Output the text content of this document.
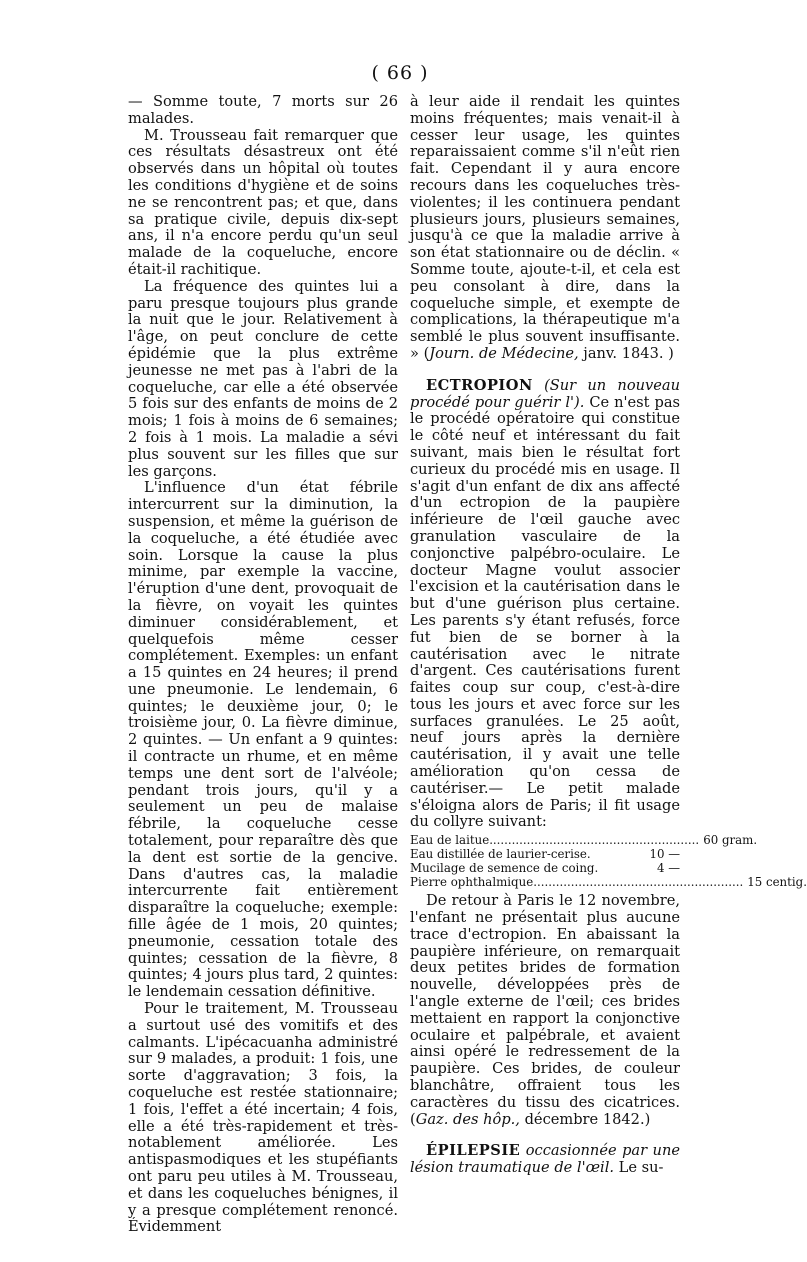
( 66 )

— Somme toute, 7 morts sur 26 malades.

M. Trousseau fait remarquer que ces résultats désastreux ont été observés dans un hôpital où toutes les conditions d'hygiène et de soins ne se rencontrent pas; et que, dans sa pratique civile, depuis dix-sept ans, il n'a encore perdu qu'un seul malade de la coqueluche, encore était-il rachitique.

La fréquence des quintes lui a paru presque toujours plus grande la nuit que le jour. Relativement à l'âge, on peut conclure de cette épidémie que la plus extrême jeunesse ne met pas à l'abri de la coqueluche, car elle a été observée 5 fois sur des enfants de moins de 2 mois; 1 fois à moins de 6 semaines; 2 fois à 1 mois. La maladie a sévi plus souvent sur les filles que sur les garçons.

L'influence d'un état fébrile intercurrent sur la diminution, la suspension, et même la guérison de la coqueluche, a été étudiée avec soin. Lorsque la cause la plus minime, par exemple la vaccine, l'éruption d'une dent, provoquait de la fièvre, on voyait les quintes diminuer considérablement, et quelquefois même cesser complétement. Exemples: un enfant a 15 quintes en 24 heures; il prend une pneumonie. Le lendemain, 6 quintes; le deuxième jour, 0; le troisième jour, 0. La fièvre diminue, 2 quintes. — Un enfant a 9 quintes: il contracte un rhume, et en même temps une dent sort de l'alvéole; pendant trois jours, qu'il y a seulement un peu de malaise fébrile, la coqueluche cesse totalement, pour reparaître dès que la dent est sortie de la gencive. Dans d'autres cas, la maladie intercurrente fait entièrement disparaître la coqueluche; exemple: fille âgée de 1 mois, 20 quintes; pneumonie, cessation totale des quintes; cessation de la fièvre, 8 quintes; 4 jours plus tard, 2 quintes: le lendemain cessation définitive.

Pour le traitement, M. Trousseau a surtout usé des vomitifs et des calmants. L'ipécacuanha administré sur 9 malades, a produit: 1 fois, une sorte d'aggravation; 3 fois, la coqueluche est restée stationnaire; 1 fois, l'effet a été incertain; 4 fois, elle a été très-rapidement et très-notablement améliorée. Les antispasmodiques et les stupéfiants ont paru peu utiles à M. Trousseau, et dans les coqueluches bénignes, il y a presque complétement renoncé. Évidemment

à leur aide il rendait les quintes moins fréquentes; mais venait-il à cesser leur usage, les quintes reparaissaient comme s'il n'eût rien fait. Cependant il y aura encore recours dans les coqueluches très-violentes; il les continuera pendant plusieurs jours, plusieurs semaines, jusqu'à ce que la maladie arrive à son état stationnaire ou de déclin. « Somme toute, ajoute-t-il, et cela est peu consolant à dire, dans la coqueluche simple, et exempte de complications, la thérapeutique m'a semblé le plus souvent insuffisante. » (Journ. de Médecine, janv. 1843. )

ECTROPION (Sur un nouveau procédé pour guérir l'). Ce n'est pas le procédé opératoire qui constitue le côté neuf et intéressant du fait suivant, mais bien le résultat fort curieux du procédé mis en usage. Il s'agit d'un enfant de dix ans affecté d'un ectropion de la paupière inférieure de l'œil gauche avec granulation vasculaire de la conjonctive palpébro-oculaire. Le docteur Magne voulut associer l'excision et la cautérisation dans le but d'une guérison plus certaine. Les parents s'y étant refusés, force fut bien de se borner à la cautérisation avec le nitrate d'argent. Ces cautérisations furent faites coup sur coup, c'est-à-dire tous les jours et avec force sur les surfaces granulées. Le 25 août, neuf jours après la dernière cautérisation, il y avait une telle amélioration qu'on cessa de cautériser.— Le petit malade s'éloigna alors de Paris; il fit usage du collyre suivant:

Eau de laitue ........................................................ 60 gram.
Eau distillée de laurier-cerise.	10 —
Mucilage de semence de coing.	4 —
Pierre ophthalmique ........................................................ 15 centig.

De retour à Paris le 12 novembre, l'enfant ne présentait plus aucune trace d'ectropion. En abaissant la paupière inférieure, on remarquait deux petites brides de formation nouvelle, développées près de l'angle externe de l'œil; ces brides mettaient en rapport la conjonctive oculaire et palpébrale, et avaient ainsi opéré le redressement de la paupière. Ces brides, de couleur blanchâtre, offraient tous les caractères du tissu des cicatrices. (Gaz. des hôp., décembre 1842.)

ÉPILEPSIE occasionnée par une lésion traumatique de l'œil. Le su-
